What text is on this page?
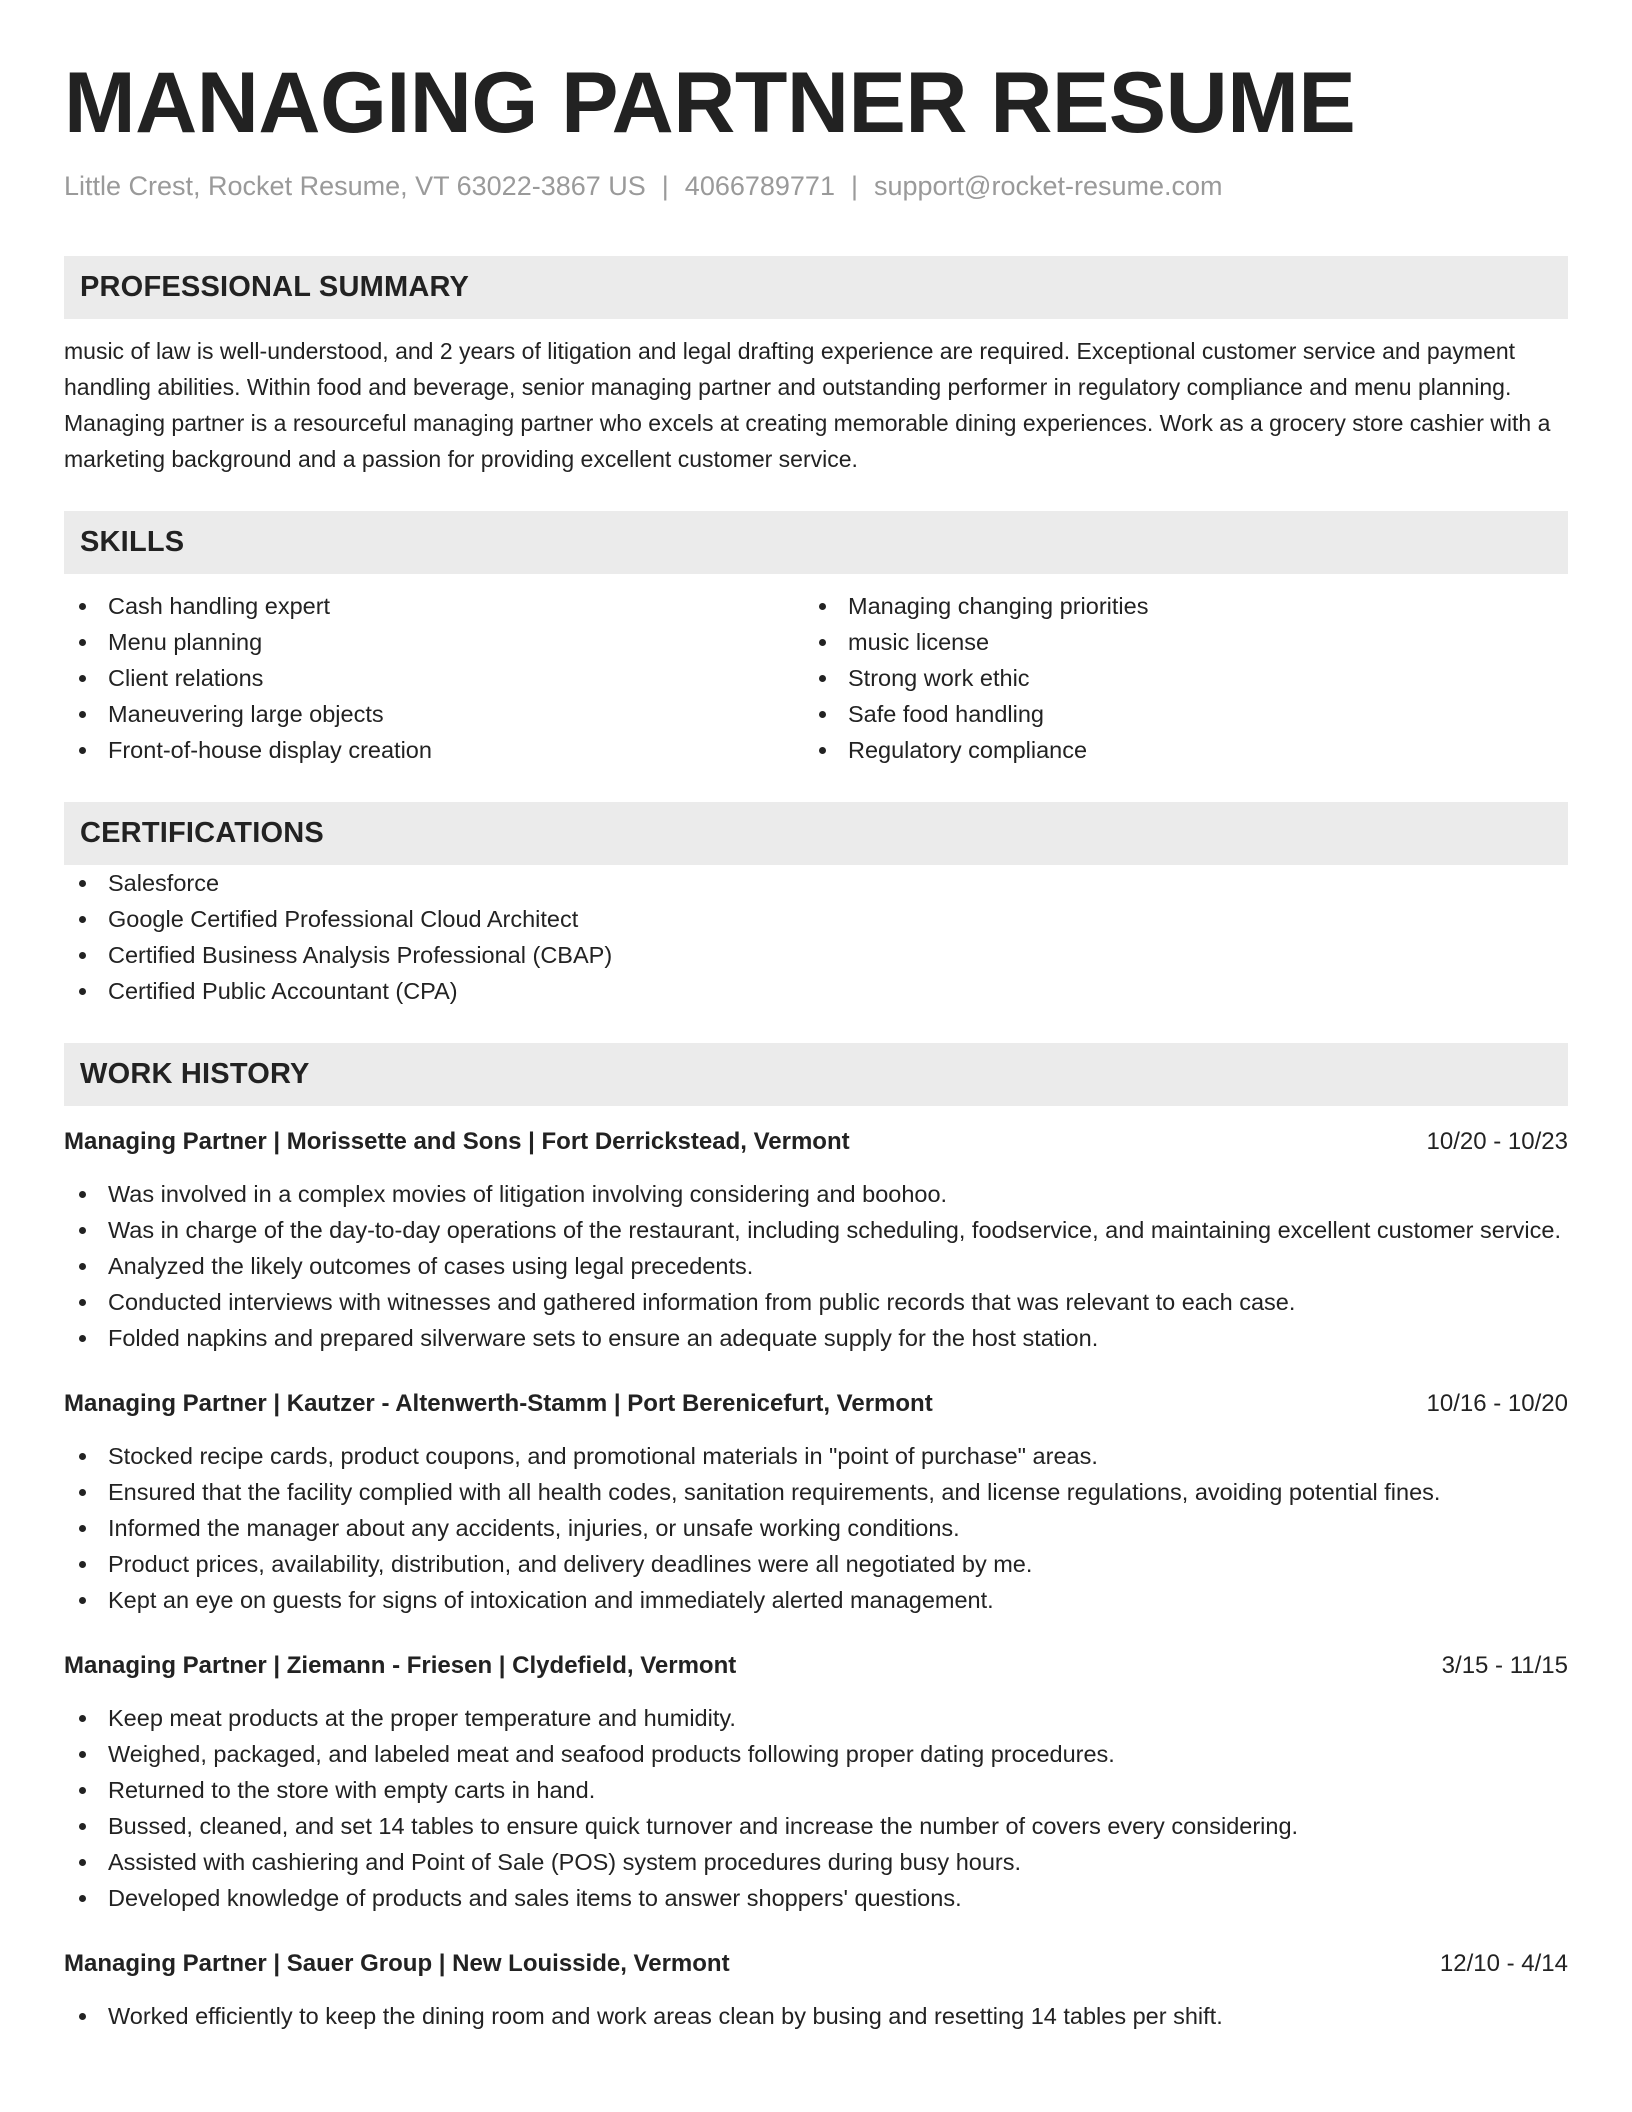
MANAGING PARTNER RESUME
Little Crest, Rocket Resume, VT 63022-3867 US | 4066789771 | support@rocket-resume.com
PROFESSIONAL SUMMARY

music of law is well-understood, and 2 years of litigation and legal drafting experience are required. Exceptional customer service and payment handling abilities. Within food and beverage, senior managing partner and outstanding performer in regulatory compliance and menu planning. Managing partner is a resourceful managing partner who excels at creating memorable dining experiences. Work as a grocery store cashier with a marketing background and a passion for providing excellent customer service.

SKILLS
Cash handling expert
Menu planning
Client relations
Maneuvering large objects
Front-of-house display creation
Managing changing priorities
music license
Strong work ethic
Safe food handling
Regulatory compliance
CERTIFICATIONS
Salesforce
Google Certified Professional Cloud Architect
Certified Business Analysis Professional (CBAP)
Certified Public Accountant (CPA)
WORK HISTORY
Managing Partner | Morissette and Sons | Fort Derrickstead, Vermont	10/20 - 10/23
Was involved in a complex movies of litigation involving considering and boohoo.
Was in charge of the day-to-day operations of the restaurant, including scheduling, foodservice, and maintaining excellent customer service.
Analyzed the likely outcomes of cases using legal precedents.
Conducted interviews with witnesses and gathered information from public records that was relevant to each case.
Folded napkins and prepared silverware sets to ensure an adequate supply for the host station.
Managing Partner | Kautzer - Altenwerth-Stamm | Port Berenicefurt, Vermont	10/16 - 10/20
Stocked recipe cards, product coupons, and promotional materials in "point of purchase" areas.
Ensured that the facility complied with all health codes, sanitation requirements, and license regulations, avoiding potential fines.
Informed the manager about any accidents, injuries, or unsafe working conditions.
Product prices, availability, distribution, and delivery deadlines were all negotiated by me.
Kept an eye on guests for signs of intoxication and immediately alerted management.
Managing Partner | Ziemann - Friesen | Clydefield, Vermont	3/15 - 11/15
Keep meat products at the proper temperature and humidity.
Weighed, packaged, and labeled meat and seafood products following proper dating procedures.
Returned to the store with empty carts in hand.
Bussed, cleaned, and set 14 tables to ensure quick turnover and increase the number of covers every considering.
Assisted with cashiering and Point of Sale (POS) system procedures during busy hours.
Developed knowledge of products and sales items to answer shoppers' questions.
Managing Partner | Sauer Group | New Louisside, Vermont	12/10 - 4/14
Worked efficiently to keep the dining room and work areas clean by busing and resetting 14 tables per shift.
